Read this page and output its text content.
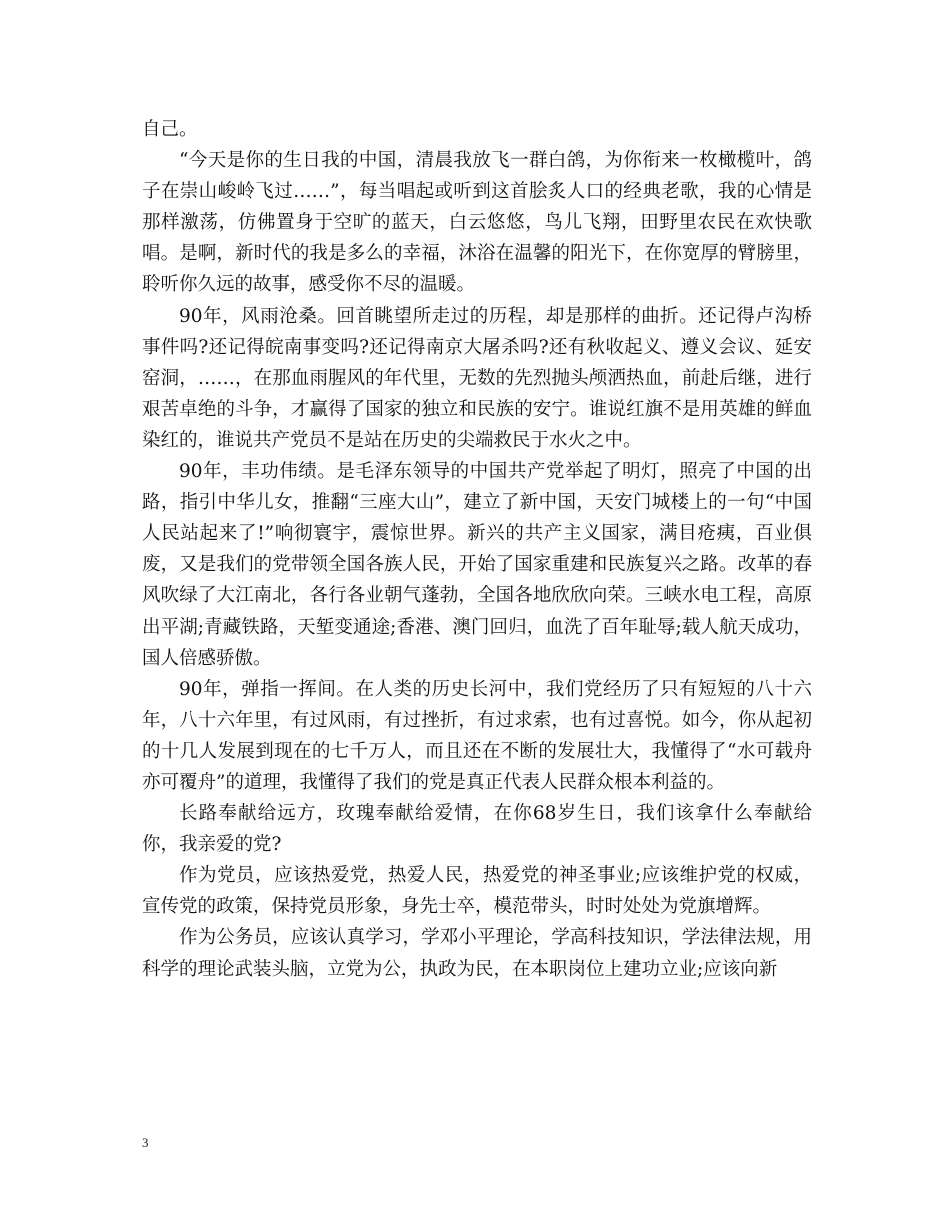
自己。

“今天是你的生日我的中国，清晨我放飞一群白鸽，为你衔来一枚橄榄叶，鸽子在崇山峻岭飞过……”，每当唱起或听到这首脍炙人口的经典老歌，我的心情是那样激荡，仿佛置身于空旷的蓝天，白云悠悠，鸟儿飞翔，田野里农民在欢快歌唱。是啊，新时代的我是多么的幸福，沐浴在温馨的阳光下，在你宽厚的臂膀里，聆听你久远的故事，感受你不尽的温暖。

90年，风雨沧桑。回首眺望所走过的历程，却是那样的曲折。还记得卢沟桥事件吗?还记得皖南事变吗?还记得南京大屠杀吗?还有秋收起义、遵义会议、延安窑洞，……，在那血雨腥风的年代里，无数的先烈抛头颅洒热血，前赴后继，进行艰苦卓绝的斗争，才赢得了国家的独立和民族的安宁。谁说红旗不是用英雄的鲜血染红的，谁说共产党员不是站在历史的尖端救民于水火之中。

90年，丰功伟绩。是毛泽东领导的中国共产党举起了明灯，照亮了中国的出路，指引中华儿女，推翻“三座大山”，建立了新中国，天安门城楼上的一句“中国人民站起来了!”响彻寰宇，震惊世界。新兴的共产主义国家，满目疮痍，百业俱废，又是我们的党带领全国各族人民，开始了国家重建和民族复兴之路。改革的春风吹绿了大江南北，各行各业朝气蓬勃，全国各地欣欣向荣。三峡水电工程，高原出平湖;青藏铁路，天堑变通途;香港、澳门回归，血洗了百年耻辱;载人航天成功，国人倍感骄傲。

90年，弹指一挥间。在人类的历史长河中，我们党经历了只有短短的八十六年，八十六年里，有过风雨，有过挫折，有过求索，也有过喜悦。如今，你从起初的十几人发展到现在的七千万人，而且还在不断的发展壮大，我懂得了“水可载舟亦可覆舟”的道理，我懂得了我们的党是真正代表人民群众根本利益的。

长路奉献给远方，玫瑰奉献给爱情，在你68岁生日，我们该拿什么奉献给你，我亲爱的党?

作为党员，应该热爱党，热爱人民，热爱党的神圣事业;应该维护党的权威，宣传党的政策，保持党员形象，身先士卒，模范带头，时时处处为党旗增辉。

作为公务员，应该认真学习，学邓小平理论，学高科技知识，学法律法规，用科学的理论武装头脑，立党为公，执政为民，在本职岗位上建功立业;应该向新

3
